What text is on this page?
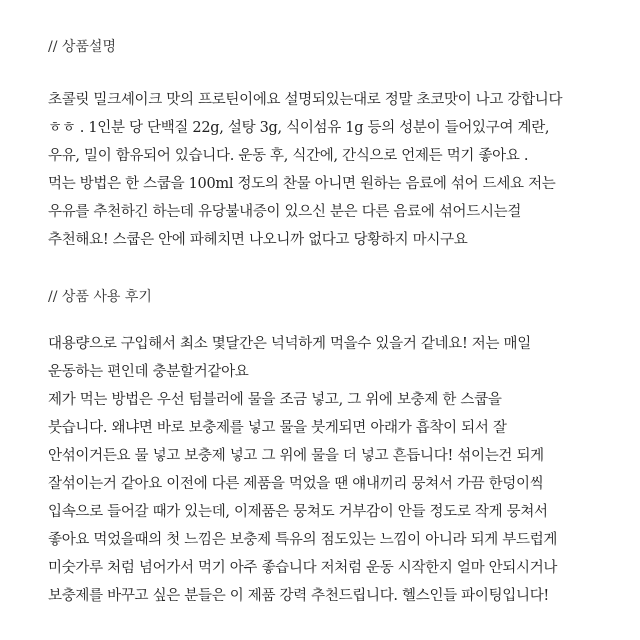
// 상품설명
초콜릿 밀크셰이크 맛의 프로틴이에요 설명되있는대로 정말 초코맛이 나고 강합니다
ㅎㅎ . 1인분 당 단백질 22g, 설탕 3g, 식이섬유 1g 등의 성분이 들어있구여 계란,
우유, 밀이 함유되어 있습니다. 운동 후, 식간에, 간식으로 언제든 먹기 좋아요 .
먹는 방법은 한 스쿱을 100ml 정도의 찬물 아니면 원하는 음료에 섞어 드세요 저는
우유를 추천하긴 하는데 유당불내증이 있으신 분은 다른 음료에 섞어드시는걸
추천해요! 스쿱은 안에 파헤치면 나오니까 없다고 당황하지 마시구요
// 상품 사용 후기
대용량으로 구입해서 최소 몇달간은 넉넉하게 먹을수 있을거 같네요! 저는 매일
운동하는 편인데 충분할거같아요
제가 먹는 방법은 우선 텀블러에 물을 조금 넣고, 그 위에 보충제 한 스쿱을
붓습니다. 왜냐면 바로 보충제를 넣고 물을 붓게되면 아래가 흡착이 되서 잘
안섞이거든요 물 넣고 보충제 넣고 그 위에 물을 더 넣고 흔듭니다! 섞이는건 되게
잘섞이는거 같아요 이전에 다른 제품을 먹었을 땐 얘내끼리 뭉쳐서 가끔 한덩이씩
입속으로 들어갈 때가 있는데, 이제품은 뭉쳐도 거부감이 안들 정도로 작게 뭉쳐서
좋아요 먹었을때의 첫 느낌은 보충제 특유의 점도있는 느낌이 아니라 되게 부드럽게
미숫가루 처럼 넘어가서 먹기 아주 좋습니다 저처럼 운동 시작한지 얼마 안되시거나
보충제를 바꾸고 싶은 분들은 이 제품 강력 추천드립니다. 헬스인들 파이팅입니다!
